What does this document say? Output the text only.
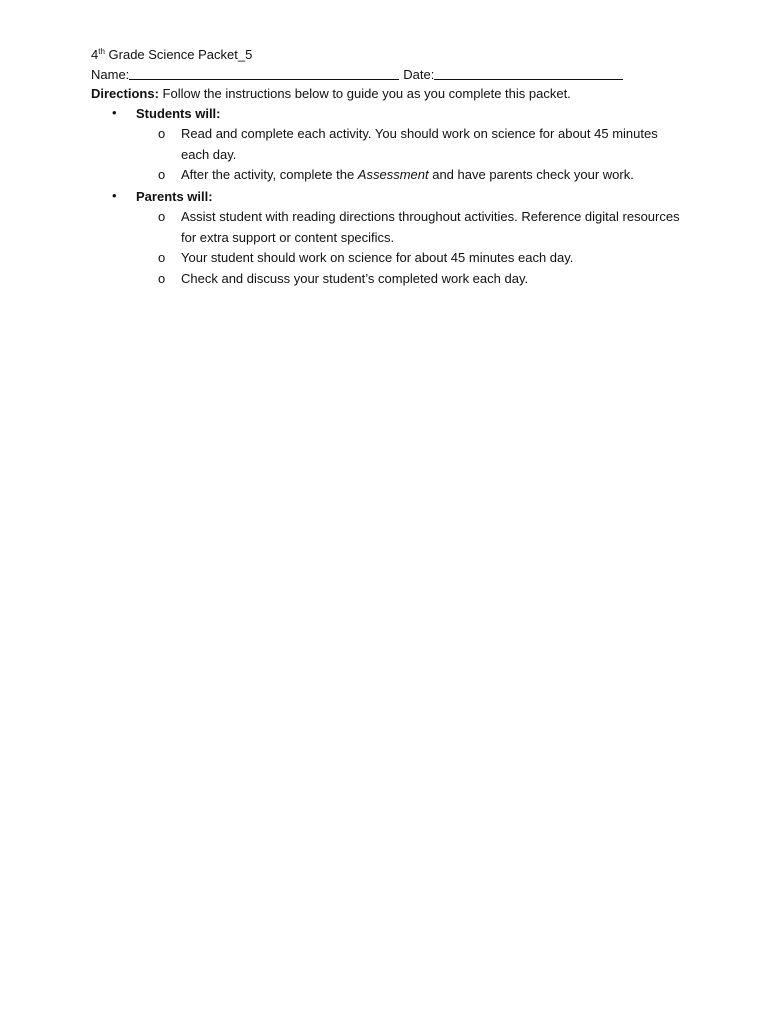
4th Grade Science Packet_5
Name:	Date:
Directions: Follow the instructions below to guide you as you complete this packet.
• Students will:
o Read and complete each activity. You should work on science for about 45 minutes each day.
o After the activity, complete the Assessment and have parents check your work.
• Parents will:
o Assist student with reading directions throughout activities. Reference digital resources for extra support or content specifics.
o Your student should work on science for about 45 minutes each day.
o Check and discuss your student’s completed work each day.
